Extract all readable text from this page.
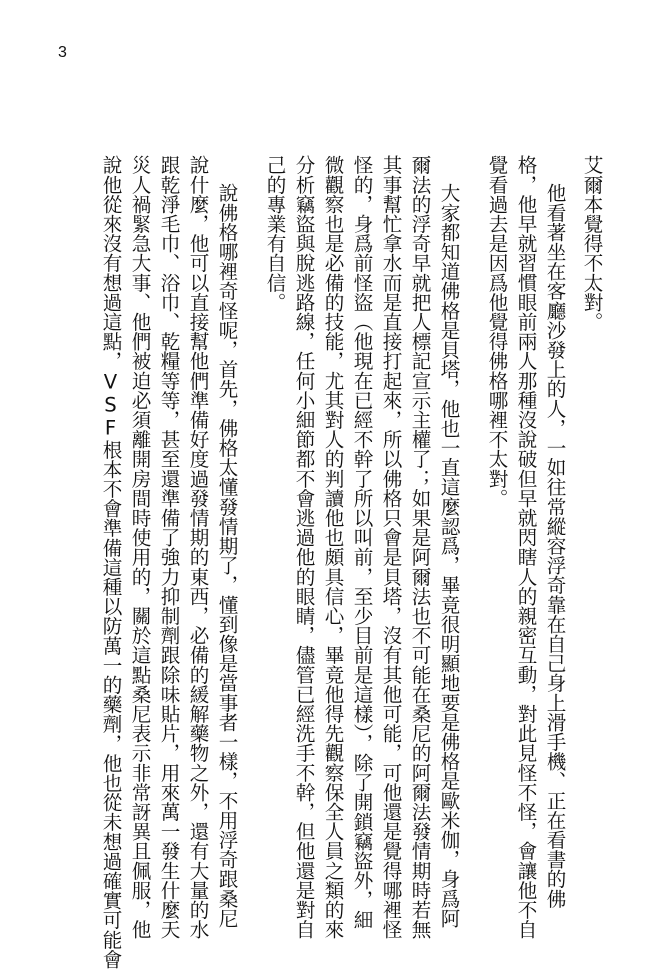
3
艾爾本覺得不太對。
他看著坐在客廳沙發上的人，一如往常縱容浮奇靠在自己身上滑手機、正在看書的佛
格，他早就習慣眼前兩人那種沒說破但早就閃瞎人的親密互動，對此見怪不怪，會讓他不自
覺看過去是因爲他覺得佛格哪裡不太對。
大家都知道佛格是貝塔，他也一直這麼認爲，畢竟很明顯地要是佛格是歐米伽，身爲阿
爾法的浮奇早就把人標記宣示主權了；如果是阿爾法也不可能在桑尼的阿爾法發情期時若無
其事幫忙拿水而是直接打起來，所以佛格只會是貝塔，沒有其他可能，可他還是覺得哪裡怪
怪的，身爲前怪盜（他現在已經不幹了所以叫前，至少目前是這樣），除了開鎖竊盜外，細
微觀察也是必備的技能，尤其對人的判讀他也頗具信心，畢竟他得先觀察保全人員之類的來
分析竊盜與脫逃路線，任何小細節都不會逃過他的眼睛，儘管已經洗手不幹，但他還是對自
己的專業有自信。
說佛格哪裡奇怪呢，首先，佛格太懂發情期了，懂到像是當事者一樣，不用浮奇跟桑尼
說什麼，他可以直接幫他們準備好度過發情期的東西，必備的緩解藥物之外，還有大量的水
跟乾淨毛巾、浴巾、乾糧等等，甚至還準備了強力抑制劑跟除味貼片，用來萬一發生什麼天
災人禍緊急大事、他們被迫必須離開房間時使用的，關於這點桑尼表示非常訝異且佩服，他
說他從來沒有想過這點，VSF根本不會準備這種以防萬一的藥劑，他也從未想過確實可能會
